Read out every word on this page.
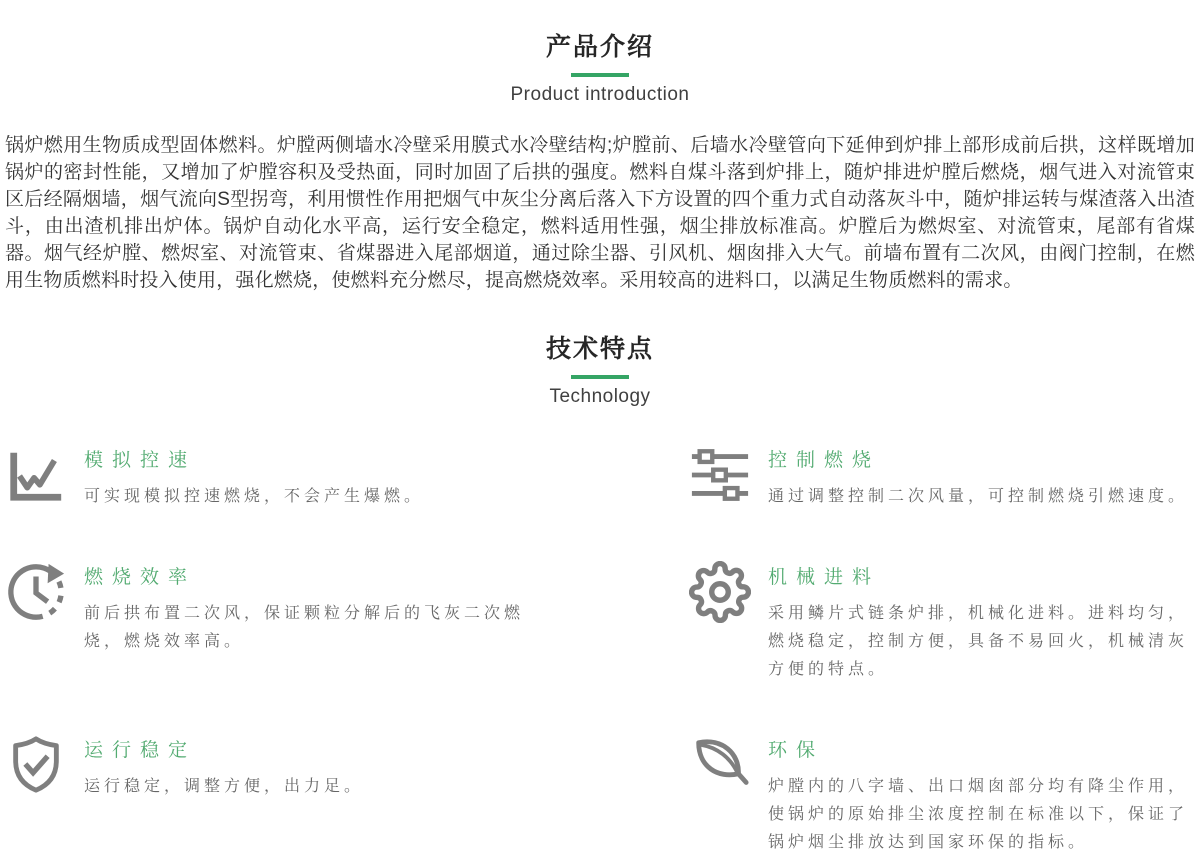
产品介绍
Product introduction

锅炉燃用生物质成型固体燃料。炉膛两侧墙水冷壁采用膜式水冷壁结构;炉膛前、后墙水冷壁管向下延伸到炉排上部形成前后拱，这样既增加锅炉的密封性能，又增加了炉膛容积及受热面，同时加固了后拱的强度。燃料自煤斗落到炉排上，随炉排进炉膛后燃烧，烟气进入对流管束区后经隔烟墙，烟气流向S型拐弯，利用惯性作用把烟气中灰尘分离后落入下方设置的四个重力式自动落灰斗中，随炉排运转与煤渣落入出渣斗，由出渣机排出炉体。锅炉自动化水平高，运行安全稳定，燃料适用性强，烟尘排放标准高。炉膛后为燃烬室、对流管束，尾部有省煤器。烟气经炉膛、燃烬室、对流管束、省煤器进入尾部烟道，通过除尘器、引风机、烟囱排入大气。前墙布置有二次风，由阀门控制，在燃用生物质燃料时投入使用，强化燃烧，使燃料充分燃尽，提高燃烧效率。采用较高的进料口，以满足生物质燃料的需求。

技术特点
Technology
模拟控速
可实现模拟控速燃烧，不会产生爆燃。
控制燃烧
通过调整控制二次风量，可控制燃烧引燃速度。
燃烧效率
前后拱布置二次风，保证颗粒分解后的飞灰二次燃烧，燃烧效率高。
机械进料
采用鳞片式链条炉排，机械化进料。进料均匀，燃烧稳定，控制方便，具备不易回火，机械清灰方便的特点。
运行稳定
运行稳定，调整方便，出力足。
环保
炉膛内的八字墙、出口烟囱部分均有降尘作用，使锅炉的原始排尘浓度控制在标准以下，保证了锅炉烟尘排放达到国家环保的指标。
